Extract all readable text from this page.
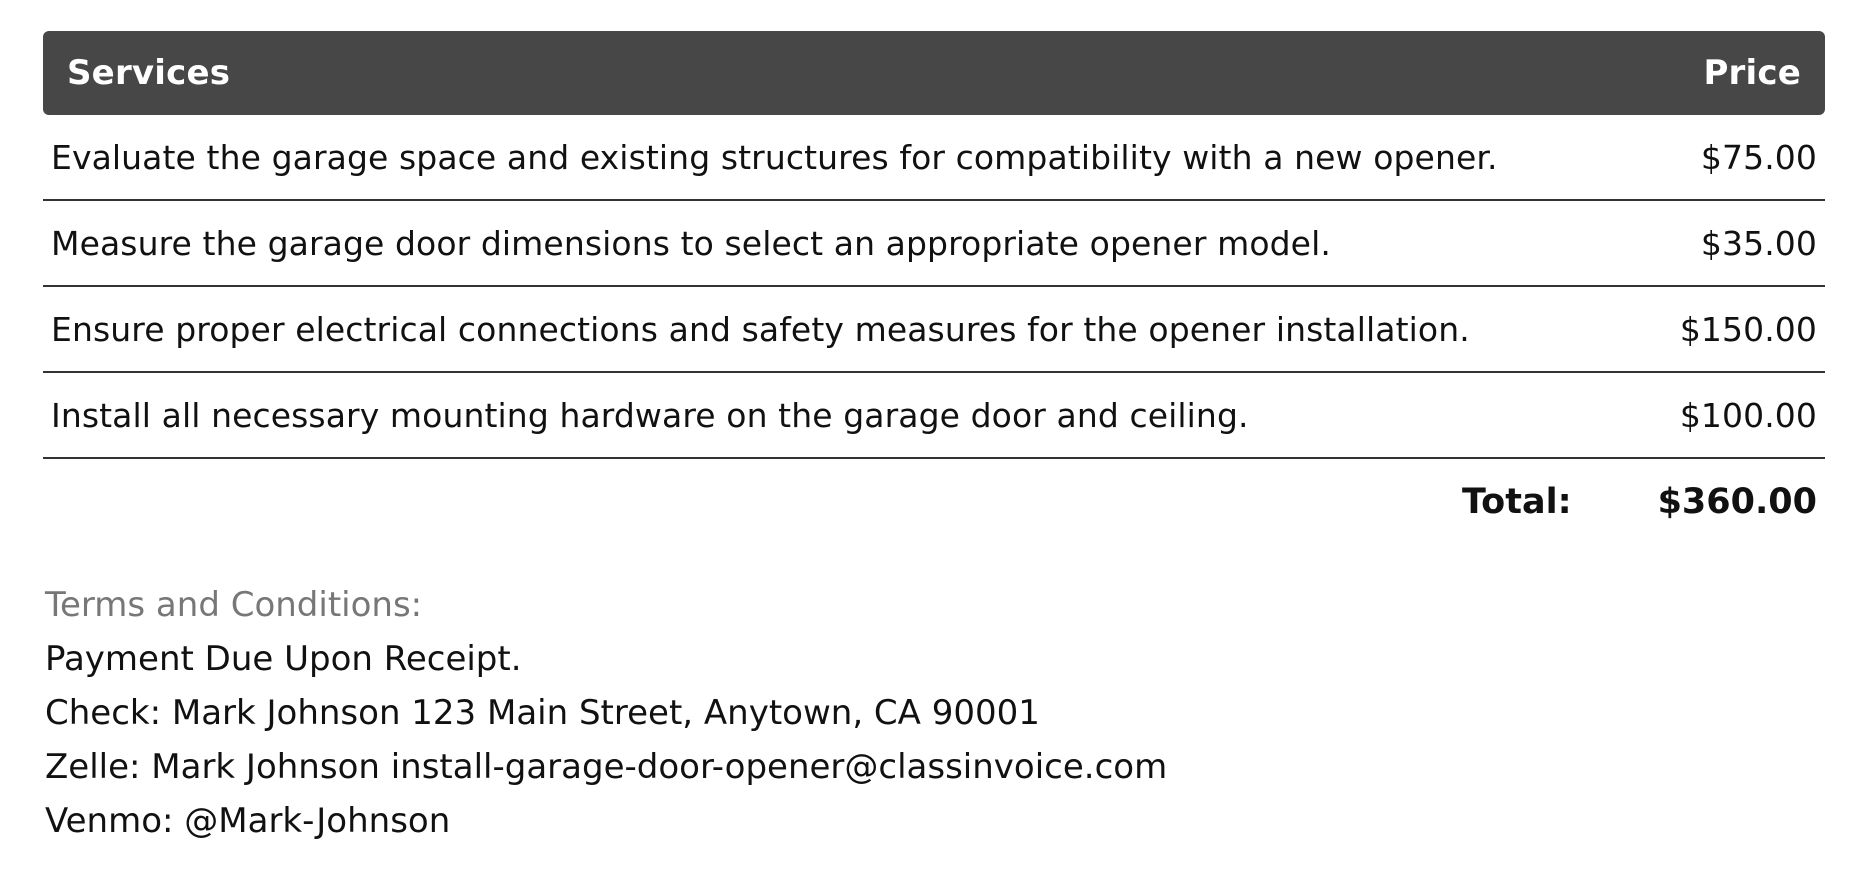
Services	Price
Evaluate the garage space and existing structures for compatibility with a new opener.	$75.00
Measure the garage door dimensions to select an appropriate opener model.	$35.00
Ensure proper electrical connections and safety measures for the opener installation.	$150.00
Install all necessary mounting hardware on the garage door and ceiling.	$100.00
Total: $360.00
Terms and Conditions:
Payment Due Upon Receipt.
Check: Mark Johnson 123 Main Street, Anytown, CA 90001
Zelle: Mark Johnson install-garage-door-opener@classinvoice.com
Venmo: @Mark-Johnson
